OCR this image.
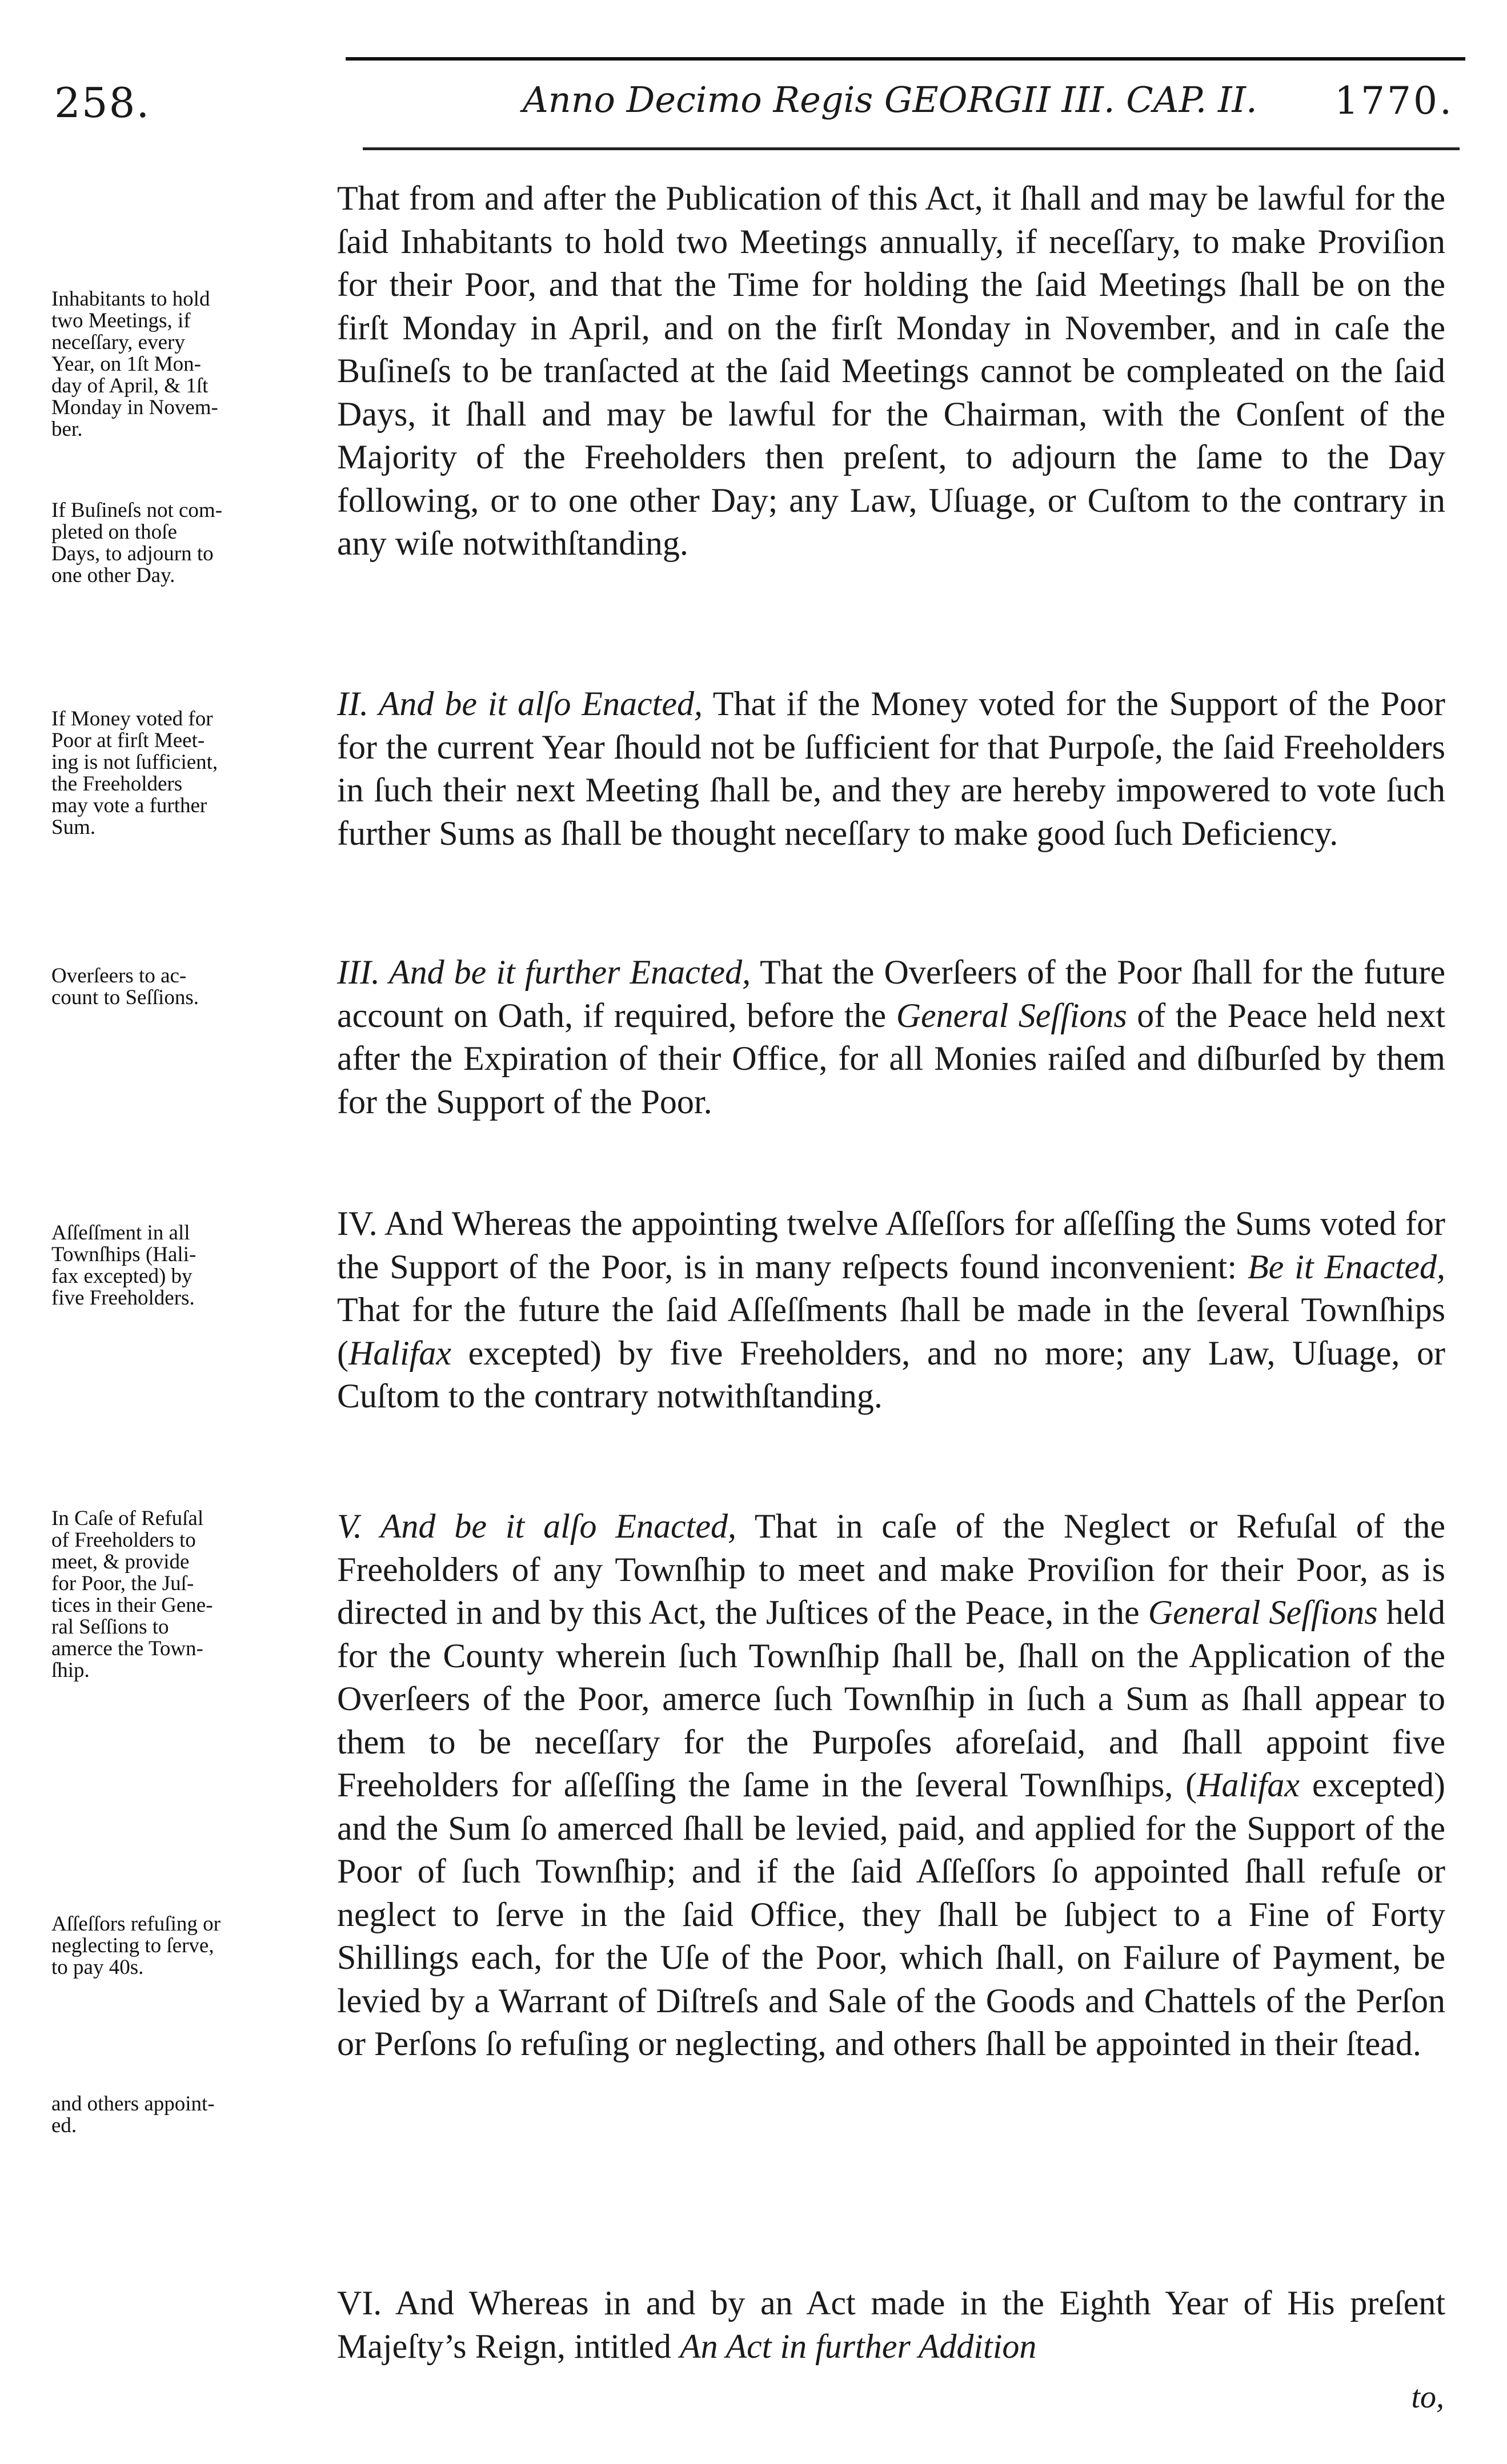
258.	Anno Decimo Regis GEORGII III. CAP. II. 1770.

That from and after the Publication of this Act, it ſhall and may be lawful for the ſaid Inhabitants to hold two Meetings annually, if neceſſary, to make Proviſion for their Poor, and that the Time for holding the ſaid Meetings ſhall be on the firſt Monday in April, and on the firſt Monday in November, and in caſe the Buſineſs to be tranſacted at the ſaid Meetings cannot be compleated on the ſaid Days, it ſhall and may be lawful for the Chairman, with the Conſent of the Majority of the Freeholders then preſent, to adjourn the ſame to the Day following, or to one other Day; any Law, Uſuage, or Cuſtom to the contrary in any wiſe notwithſtanding.

II. And be it alſo Enacted, That if the Money voted for the Support of the Poor for the current Year ſhould not be ſufficient for that Purpoſe, the ſaid Freeholders in ſuch their next Meeting ſhall be, and they are hereby impowered to vote ſuch further Sums as ſhall be thought neceſſary to make good ſuch Deficiency.

III. And be it further Enacted, That the Overſeers of the Poor ſhall for the future account on Oath, if required, before the General Seſſions of the Peace held next after the Expiration of their Office, for all Monies raiſed and diſburſed by them for the Support of the Poor.

IV. And Whereas the appointing twelve Aſſeſſors for aſſeſſing the Sums voted for the Support of the Poor, is in many reſpects found inconvenient: Be it Enacted, That for the future the ſaid Aſſeſſments ſhall be made in the ſeveral Townſhips (Halifax excepted) by five Freeholders, and no more; any Law, Uſuage, or Cuſtom to the contrary notwithſtanding.

V. And be it alſo Enacted, That in caſe of the Neglect or Refuſal of the Freeholders of any Townſhip to meet and make Proviſion for their Poor, as is directed in and by this Act, the Juſtices of the Peace, in the General Seſſions held for the County wherein ſuch Townſhip ſhall be, ſhall on the Application of the Overſeers of the Poor, amerce ſuch Townſhip in ſuch a Sum as ſhall appear to them to be neceſſary for the Purpoſes aforeſaid, and ſhall appoint five Freeholders for aſſeſſing the ſame in the ſeveral Townſhips, (Halifax excepted) and the Sum ſo amerced ſhall be levied, paid, and applied for the Support of the Poor of ſuch Townſhip; and if the ſaid Aſſeſſors ſo appointed ſhall refuſe or neglect to ſerve in the ſaid Office, they ſhall be ſubject to a Fine of Forty Shillings each, for the Uſe of the Poor, which ſhall, on Failure of Payment, be levied by a Warrant of Diſtreſs and Sale of the Goods and Chattels of the Perſon or Perſons ſo refuſing or neglecting, and others ſhall be appointed in their ſtead.

VI. And Whereas in and by an Act made in the Eighth Year of His preſent Majeſty’s Reign, intitled An Act in further Addition

to,
Inhabitants to hold
two Meetings, if
neceſſary, every
Year, on 1ſt Mon-
day of April, & 1ſt
Monday in Novem-
ber.
If Buſineſs not com-
pleted on thoſe
Days, to adjourn to
one other Day.
If Money voted for
Poor at firſt Meet-
ing is not ſufficient,
the Freeholders
may vote a further
Sum.
Overſeers to ac-
count to Seſſions.
Aſſeſſment in all
Townſhips (Hali-
fax excepted) by
five Freeholders.
In Caſe of Refuſal
of Freeholders to
meet, & provide
for Poor, the Juſ-
tices in their Gene-
ral Seſſions to
amerce the Town-
ſhip.
Aſſeſſors refuſing or
neglecting to ſerve,
to pay 40s.
and others appoint-
ed.
